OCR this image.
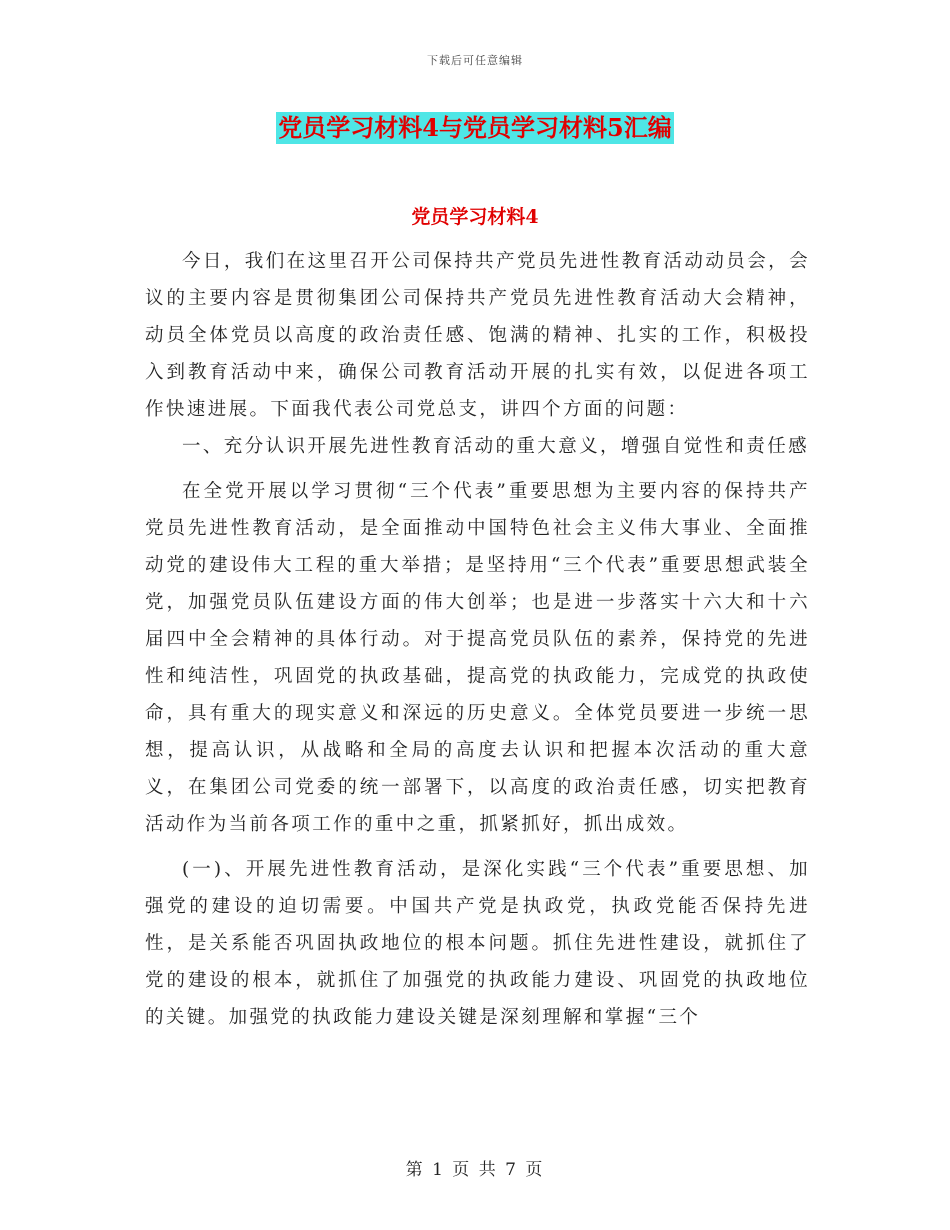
下载后可任意编辑
党员学习材料4与党员学习材料5汇编
党员学习材料4

今日，我们在这里召开公司保持共产党员先进性教育活动动员会，会议的主要内容是贯彻集团公司保持共产党员先进性教育活动大会精神，动员全体党员以高度的政治责任感、饱满的精神、扎实的工作，积极投入到教育活动中来，确保公司教育活动开展的扎实有效，以促进各项工作快速进展。下面我代表公司党总支，讲四个方面的问题：

一、充分认识开展先进性教育活动的重大意义，增强自觉性和责任感

在全党开展以学习贯彻“三个代表”重要思想为主要内容的保持共产党员先进性教育活动，是全面推动中国特色社会主义伟大事业、全面推动党的建设伟大工程的重大举措；是坚持用“三个代表”重要思想武装全党，加强党员队伍建设方面的伟大创举；也是进一步落实十六大和十六届四中全会精神的具体行动。对于提高党员队伍的素养，保持党的先进性和纯洁性，巩固党的执政基础，提高党的执政能力，完成党的执政使命，具有重大的现实意义和深远的历史意义。全体党员要进一步统一思想，提高认识，从战略和全局的高度去认识和把握本次活动的重大意义，在集团公司党委的统一部署下，以高度的政治责任感，切实把教育活动作为当前各项工作的重中之重，抓紧抓好，抓出成效。

(一)、开展先进性教育活动，是深化实践“三个代表”重要思想、加强党的建设的迫切需要。中国共产党是执政党，执政党能否保持先进性，是关系能否巩固执政地位的根本问题。抓住先进性建设，就抓住了党的建设的根本，就抓住了加强党的执政能力建设、巩固党的执政地位的关键。加强党的执政能力建设关键是深刻理解和掌握“三个

第 1 页 共 7 页
